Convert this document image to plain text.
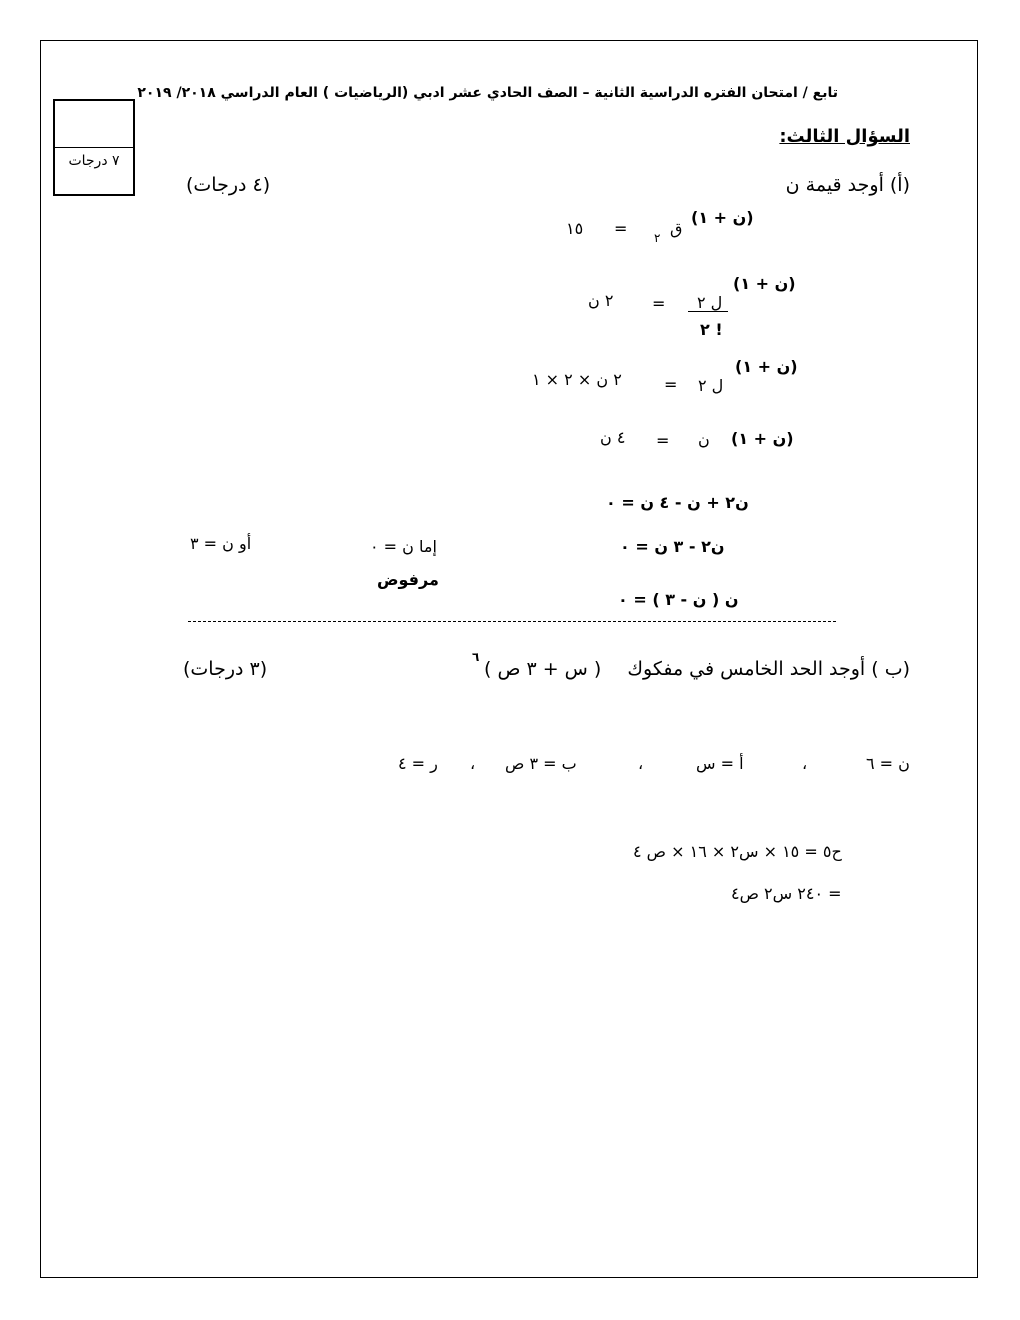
٧ درجات
تابع / امتحان الفتره الدراسية الثانية – الصف الحادي عشر ادبي (الرياضيات ) العام الدراسي ٢٠١٨/ ٢٠١٩
السؤال الثالث:
(أ) أوجد قيمة ن
(٤ درجات)
(ن + ١)
ق
٢
=
١٥
(ن + ١)
ل ٢
٢ !
=
٢ ن
(ن + ١)
ل ٢
=
٢ ن × ٢ × ١
(ن + ١)
ن
=
٤ ن
ن٢ + ن - ٤ ن = ٠
ن٢ - ٣ ن = ٠
إما ن = ٠
أو ن = ٣
مرفوض
ن ( ن - ٣ ) = ٠
(ب ) أوجد الحد الخامس في مفكوك
( س + ٣ ص )
٦
(٣ درجات)
ن = ٦
،
أ = س
،
ب = ٣ ص
،
ر = ٤
ح٥ = ١٥ × س٢ × ١٦ × ص ٤
= ٢٤٠ س٢ ص٤
